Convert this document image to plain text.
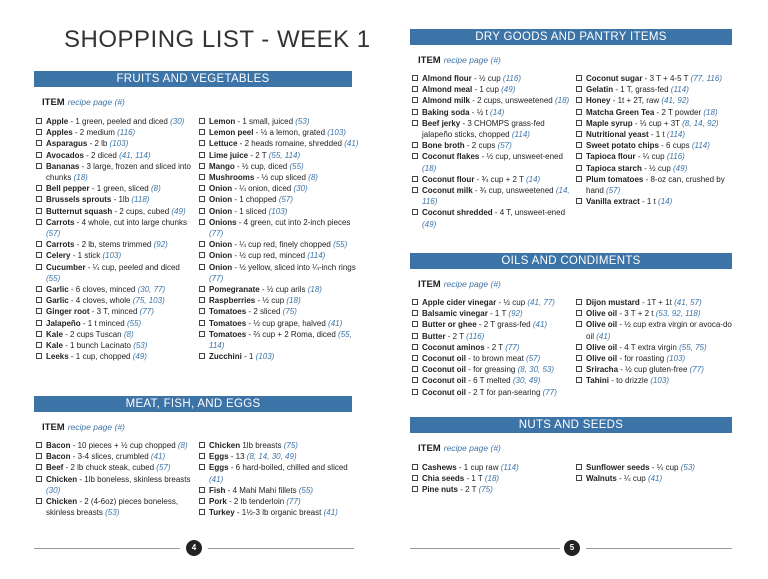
SHOPPING LIST - WEEK 1
FRUITS AND VEGETABLES
ITEM recipe page (#)
Apple - 1 green, peeled and diced (30)
Apples - 2 medium (116)
Asparagus - 2 lb (103)
Avocados - 2 diced (41, 114)
Bananas - 3 large, frozen and sliced into chunks (18)
Bell pepper - 1 green, sliced (8)
Brussels sprouts - 1lb (118)
Butternut squash - 2 cups, cubed (49)
Carrots - 4 whole, cut into large chunks (57)
Carrots - 2 lb, stems trimmed (92)
Celery - 1 stick (103)
Cucumber - ¼ cup, peeled and diced (55)
Garlic - 6 cloves, minced (30, 77)
Garlic - 4 cloves, whole (75, 103)
Ginger root - 3 T, minced (77)
Jalapeño - 1 t minced (55)
Kale - 2 cups Tuscan (8)
Kale - 1 bunch Lacinato (53)
Leeks - 1 cup, chopped (49)
Lemon - 1 small, juiced (53)
Lemon peel - ½ a lemon, grated (103)
Lettuce - 2 heads romaine, shredded (41)
Lime juice - 2 T (55, 114)
Mango - ½ cup, diced (55)
Mushrooms - ½ cup sliced (8)
Onion - ¼ onion, diced (30)
Onion - 1 chopped (57)
Onion - 1 sliced (103)
Onions - 4 green, cut into 2-inch pieces (77)
Onion - ¼ cup red, finely chopped (55)
Onion - ½ cup red, minced (114)
Onion - ½ yellow, sliced into ¼-inch rings (77)
Pomegranate - ½ cup arils (18)
Raspberries - ½ cup (18)
Tomatoes - 2 sliced (75)
Tomatoes - ½ cup grape, halved (41)
Tomatoes - ⅔ cup + 2 Roma, diced (55, 114)
Zucchini - 1 (103)
MEAT, FISH, AND EGGS
ITEM recipe page (#)
Bacon - 10 pieces + ½ cup chopped (8)
Bacon - 3-4 slices, crumbled (41)
Beef - 2 lb chuck steak, cubed (57)
Chicken - 1lb boneless, skinless breasts (30)
Chicken - 2 (4-6oz) pieces boneless, skinless breasts (53)
Chicken 1lb breasts (75)
Eggs - 13 (8, 14, 30, 49)
Eggs - 6 hard-boiled, chilled and sliced (41)
Fish - 4 Mahi Mahi fillets (55)
Pork - 2 lb tenderloin (77)
Turkey - 1½-3 lb organic breast (41)
4
DRY GOODS AND PANTRY ITEMS
ITEM recipe page (#)
Almond flour - ½ cup (116)
Almond meal - 1 cup (49)
Almond milk - 2 cups, unsweetened (18)
Baking soda - ½ t (14)
Beef jerky - 3 CHOMPS grass-fed jalapeño sticks, chopped (114)
Bone broth - 2 cups (57)
Coconut flakes - ½ cup, unsweet-ened (18)
Coconut flour - ¾ cup + 2 T (14)
Coconut milk - ¾ cup, unsweetened (14, 116)
Coconut shredded - 4 T, unsweet-ened (49)
Coconut sugar - 3 T + 4-5 T (77, 116)
Gelatin - 1 T, grass-fed (114)
Honey - 1t + 2T, raw (41, 92)
Matcha Green Tea - 2 T powder (18)
Maple syrup - ⅓ cup + 3T (8, 14, 92)
Nutritional yeast - 1 t (114)
Sweet potato chips - 6 cups (114)
Tapioca flour - ¼ cup (116)
Tapioca starch - ½ cup (49)
Plum tomatoes - 8-oz can, crushed by hand (57)
Vanilla extract - 1 t (14)
OILS AND CONDIMENTS
ITEM recipe page (#)
Apple cider vinegar - ½ cup (41, 77)
Balsamic vinegar - 1 T (92)
Butter or ghee - 2 T grass-fed (41)
Butter - 2 T (116)
Coconut aminos - 2 T (77)
Coconut oil - to brown meat (57)
Coconut oil - for greasing (8, 30, 53)
Coconut oil - 6 T melted (30, 49)
Coconut oil - 2 T for pan-searing (77)
Dijon mustard - 1T + 1t (41, 57)
Olive oil - 3 T + 2 t (53, 92, 118)
Olive oil - ½ cup extra virgin or avoca-do oil (41)
Olive oil - 4 T extra virgin (55, 75)
Olive oil - for roasting (103)
Sriracha - ½ cup gluten-free (77)
Tahini - to drizzle (103)
NUTS AND SEEDS
ITEM recipe page (#)
Cashews - 1 cup raw (114)
Chia seeds - 1 T (18)
Pine nuts - 2 T (75)
Sunflower seeds - ¼ cup (53)
Walnuts - ¼ cup (41)
5
